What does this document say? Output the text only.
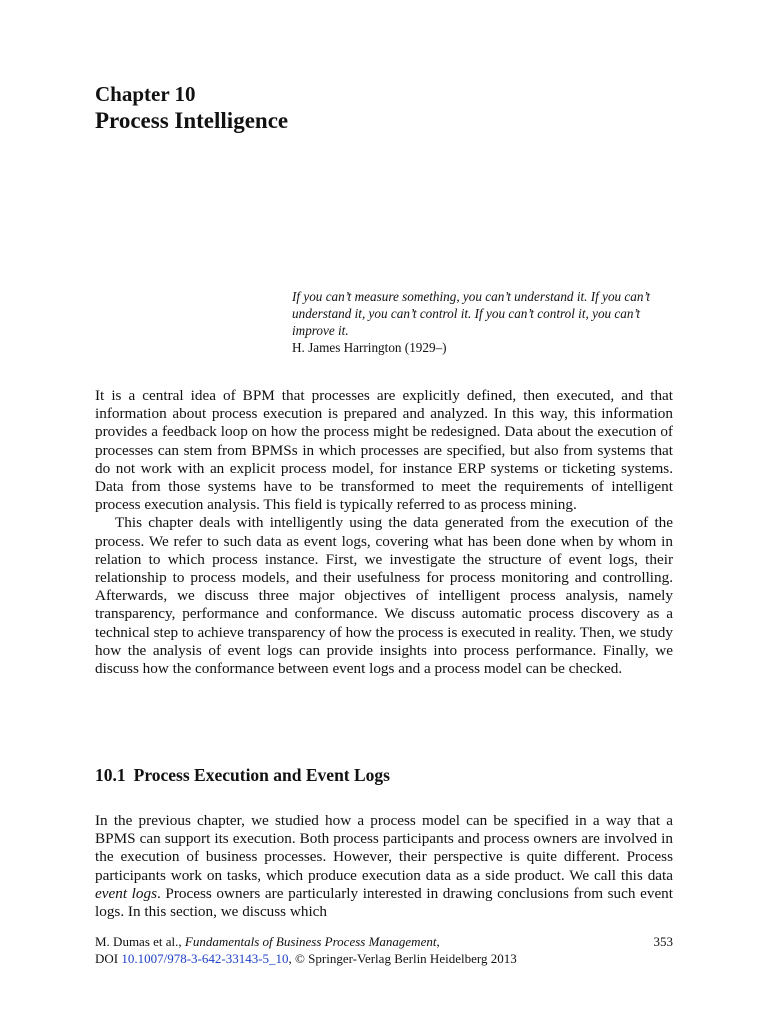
Chapter 10
Process Intelligence
If you can’t measure something, you can’t understand it. If you can’t understand it, you can’t control it. If you can’t control it, you can’t improve it.
H. James Harrington (1929–)

It is a central idea of BPM that processes are explicitly defined, then executed, and that information about process execution is prepared and analyzed. In this way, this information provides a feedback loop on how the process might be redesigned. Data about the execution of processes can stem from BPMSs in which processes are specified, but also from systems that do not work with an explicit process model, for instance ERP systems or ticketing systems. Data from those systems have to be transformed to meet the requirements of intelligent process execution analysis. This field is typically referred to as process mining.

This chapter deals with intelligently using the data generated from the execution of the process. We refer to such data as event logs, covering what has been done when by whom in relation to which process instance. First, we investigate the structure of event logs, their relationship to process models, and their usefulness for process monitoring and controlling. Afterwards, we discuss three major objectives of intelligent process analysis, namely transparency, performance and conformance. We discuss automatic process discovery as a technical step to achieve transparency of how the process is executed in reality. Then, we study how the analysis of event logs can provide insights into process performance. Finally, we discuss how the conformance between event logs and a process model can be checked.

10.1 Process Execution and Event Logs

In the previous chapter, we studied how a process model can be specified in a way that a BPMS can support its execution. Both process participants and process owners are involved in the execution of business processes. However, their perspective is quite different. Process participants work on tasks, which produce execution data as a side product. We call this data event logs. Process owners are particularly interested in drawing conclusions from such event logs. In this section, we discuss which

M. Dumas et al., Fundamentals of Business Process Management,	353
DOI 10.1007/978-3-642-33143-5_10, © Springer-Verlag Berlin Heidelberg 2013
